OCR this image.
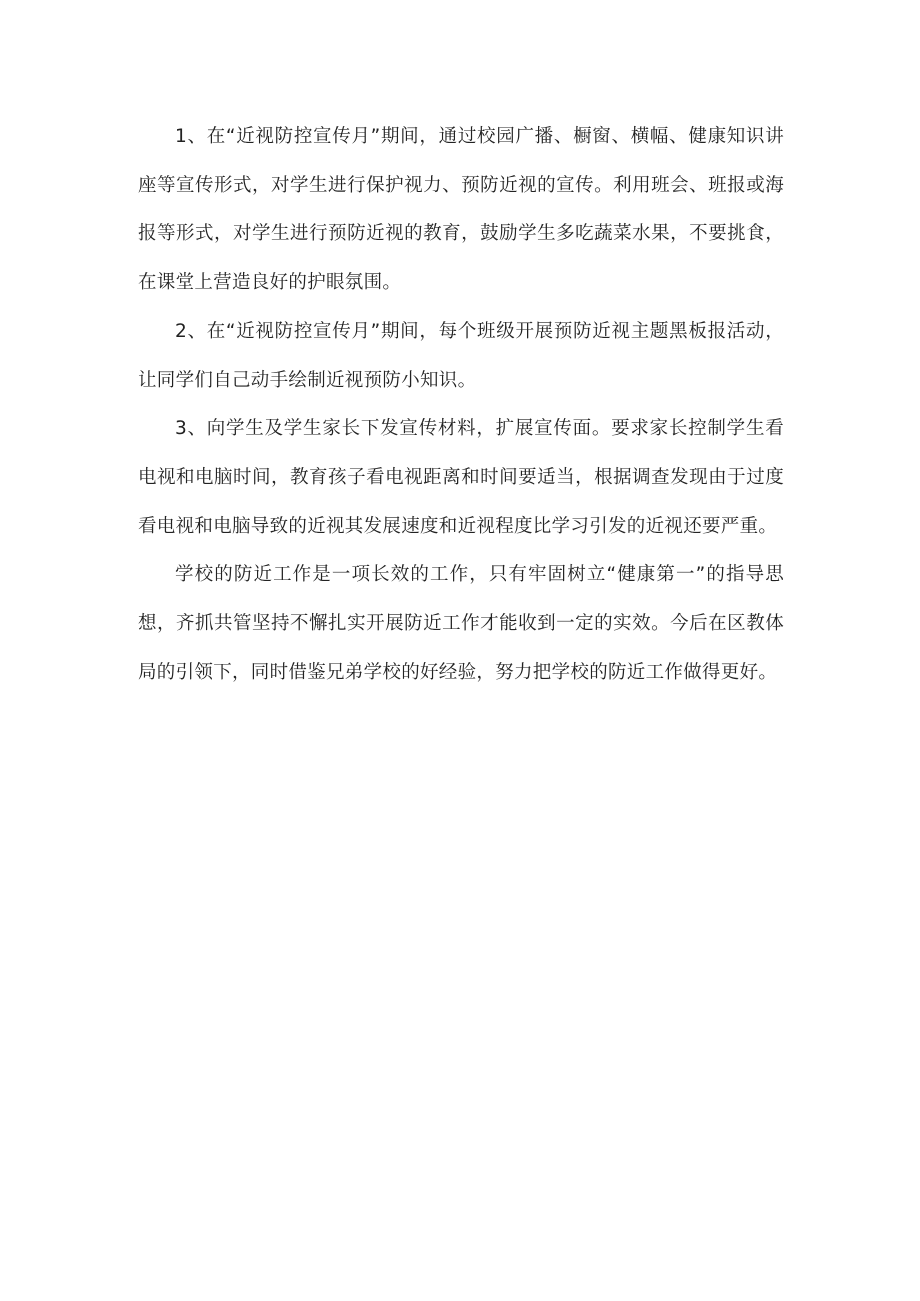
1、在“近视防控宣传月”期间，通过校园广播、橱窗、横幅、健康知识讲座等宣传形式，对学生进行保护视力、预防近视的宣传。利用班会、班报或海报等形式，对学生进行预防近视的教育，鼓励学生多吃蔬菜水果，不要挑食，在课堂上营造良好的护眼氛围。

2、在“近视防控宣传月”期间，每个班级开展预防近视主题黑板报活动，让同学们自己动手绘制近视预防小知识。

3、向学生及学生家长下发宣传材料，扩展宣传面。要求家长控制学生看电视和电脑时间，教育孩子看电视距离和时间要适当，根据调查发现由于过度看电视和电脑导致的近视其发展速度和近视程度比学习引发的近视还要严重。

学校的防近工作是一项长效的工作，只有牢固树立“健康第一”的指导思想，齐抓共管坚持不懈扎实开展防近工作才能收到一定的实效。今后在区教体局的引领下，同时借鉴兄弟学校的好经验，努力把学校的防近工作做得更好。
